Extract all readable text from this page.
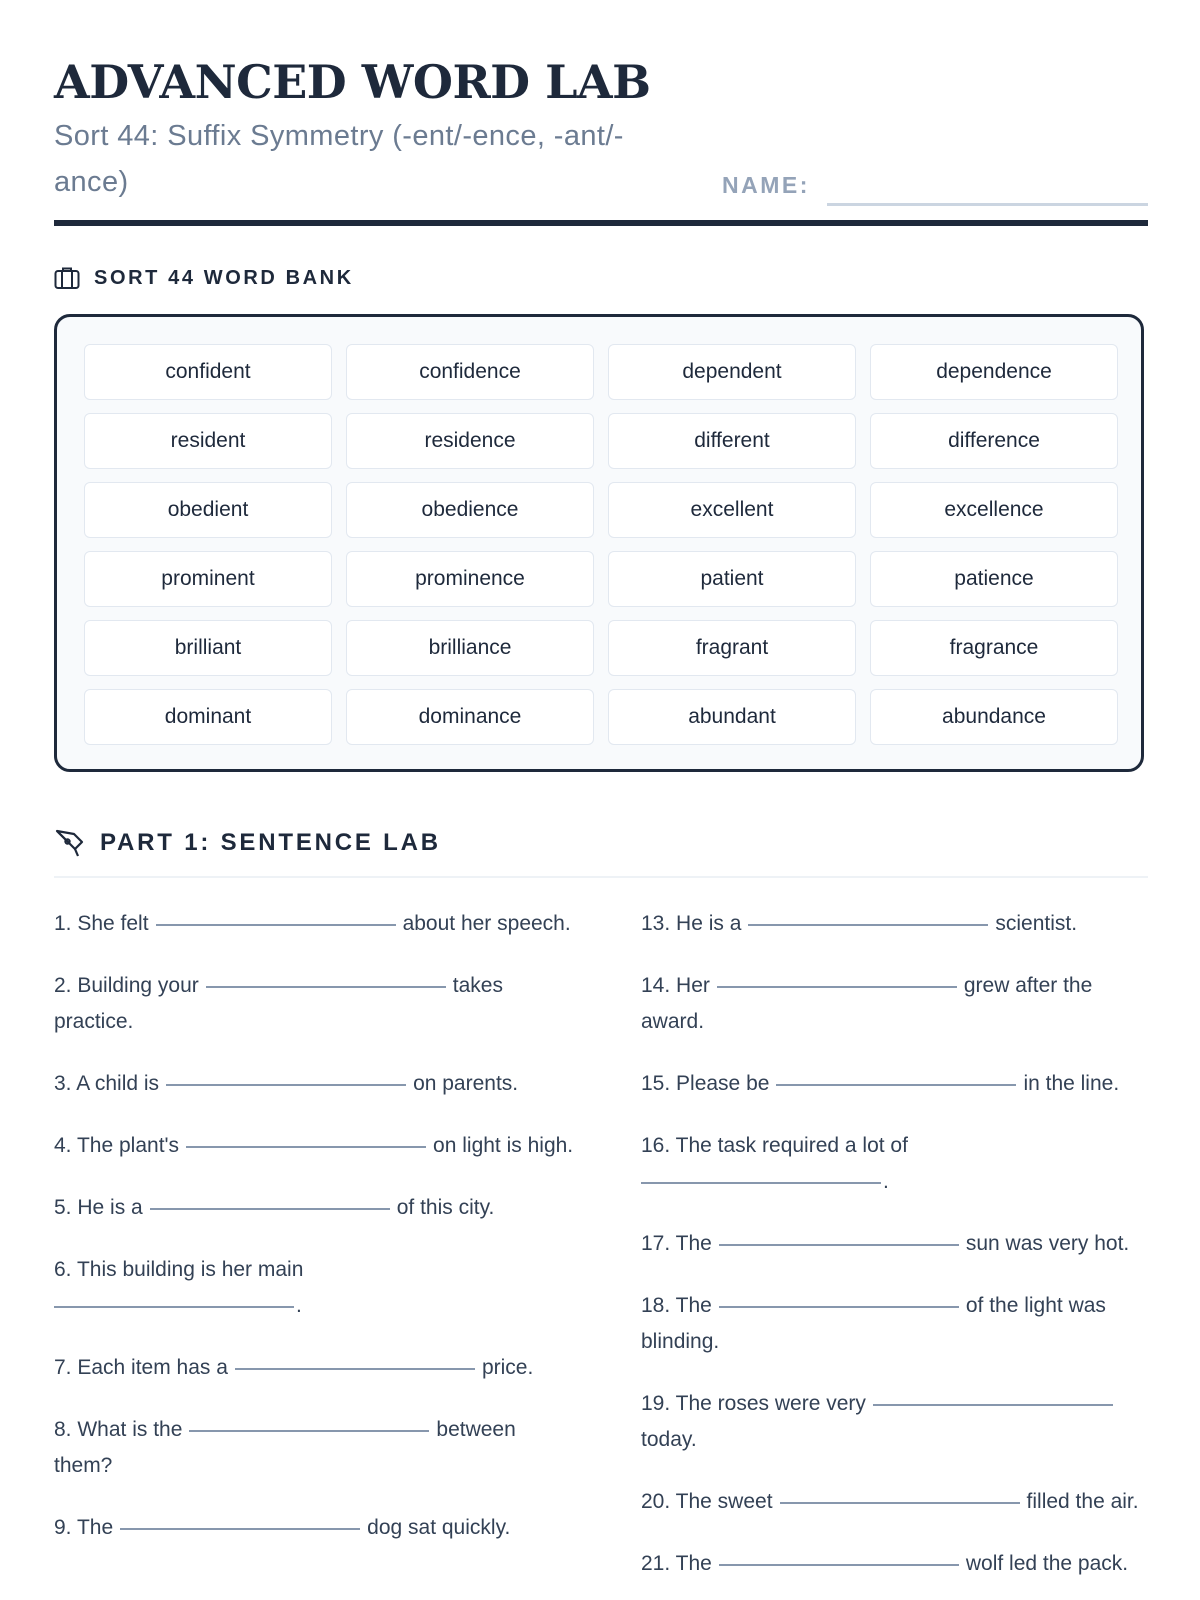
ADVANCED WORD LAB
Sort 44: Suffix Symmetry (-ent/-ence, -ant/-ance)	NAME:
SORT 44 WORD BANK
confident	confidence	dependent	dependence
resident	residence	different	difference
obedient	obedience	excellent	excellence
prominent	prominence	patient	patience
brilliant	brilliance	fragrant	fragrance
dominant	dominance	abundant	abundance
PART 1: SENTENCE LAB
1. She felt	about her speech.
2. Building your	takes practice.
3. A child is	on parents.
4. The plant's	on light is high.
5. He is a	of this city.
6. This building is her main
.
7. Each item has a	price.
8. What is the	between them?
9. The	dog sat quickly.
13. He is a	scientist.
14. Her	grew after the award.
15. Please be	in the line.
16. The task required a lot of
.
17. The	sun was very hot.
18. The	of the light was blinding.
19. The roses were verytoday.
20. The sweet	filled the air.
21. The	wolf led the pack.
